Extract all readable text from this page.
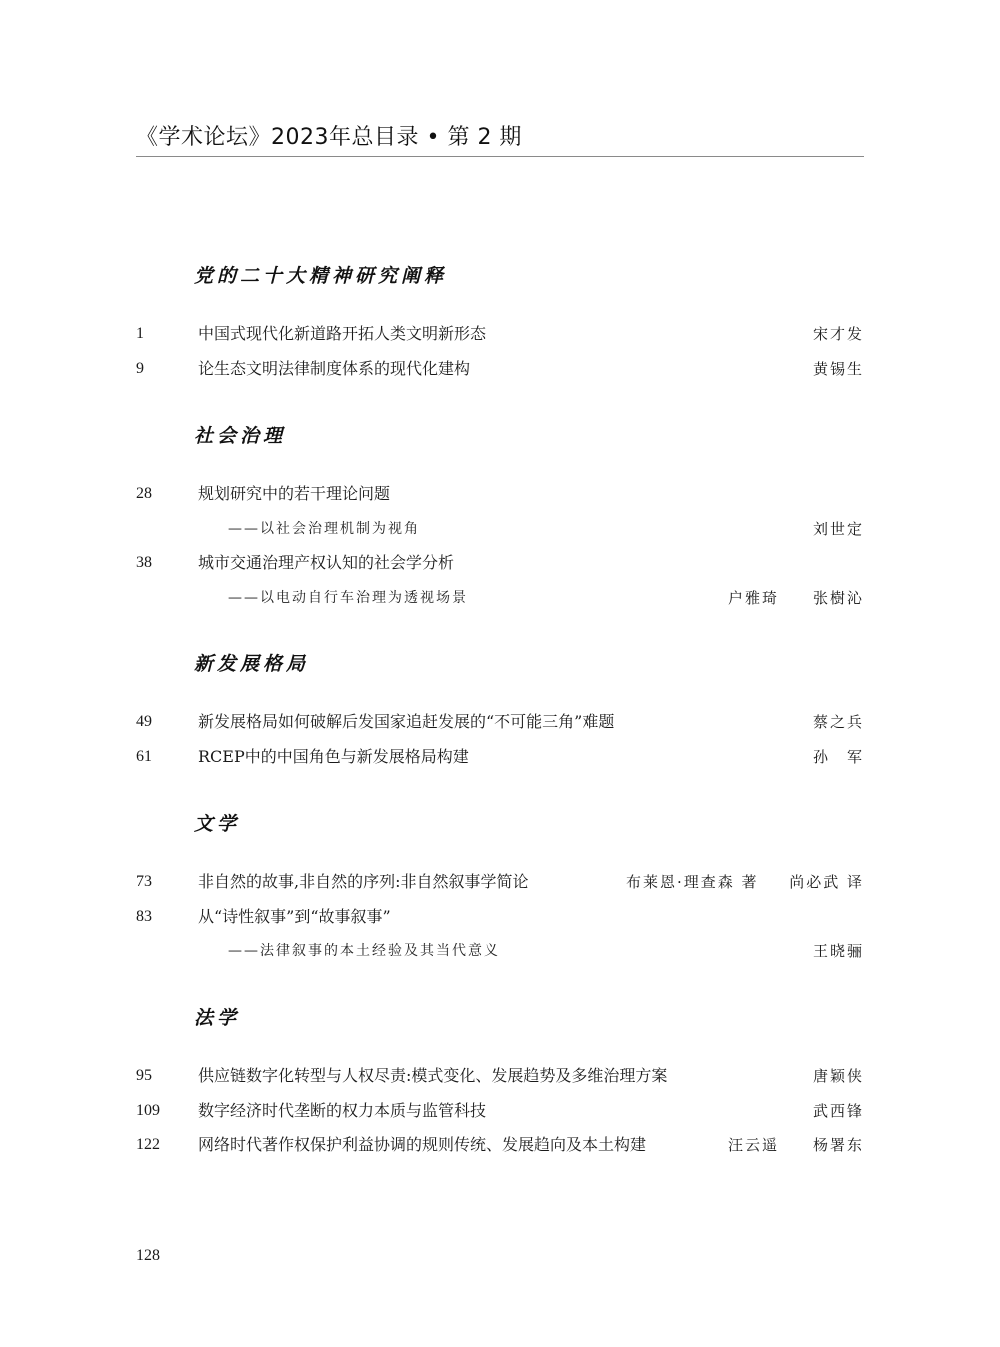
《学术论坛》2023年总目录 • 第 2 期
党的二十大精神研究阐释
1	中国式现代化新道路开拓人类文明新形态	宋才发
9	论生态文明法律制度体系的现代化建构	黄锡生
社会治理
28	规划研究中的若干理论问题
——以社会治理机制为视角	刘世定
38	城市交通治理产权认知的社会学分析
——以电动自行车治理为透视场景	户雅琦 张樹沁
新发展格局
49	新发展格局如何破解后发国家追赶发展的“不可能三角”难题	蔡之兵
61	RCEP中的中国角色与新发展格局构建	孙　军
文学
73	非自然的故事,非自然的序列:非自然叙事学简论	布莱恩·理查森 著 尚必武 译
83	从“诗性叙事”到“故事叙事”
——法律叙事的本土经验及其当代意义	王晓骊
法学
95	供应链数字化转型与人权尽责:模式变化、发展趋势及多维治理方案	唐颖侠
109 数字经济时代垄断的权力本质与监管科技	武西锋
122 网络时代著作权保护利益协调的规则传统、发展趋向及本土构建	汪云遥 杨署东
128
